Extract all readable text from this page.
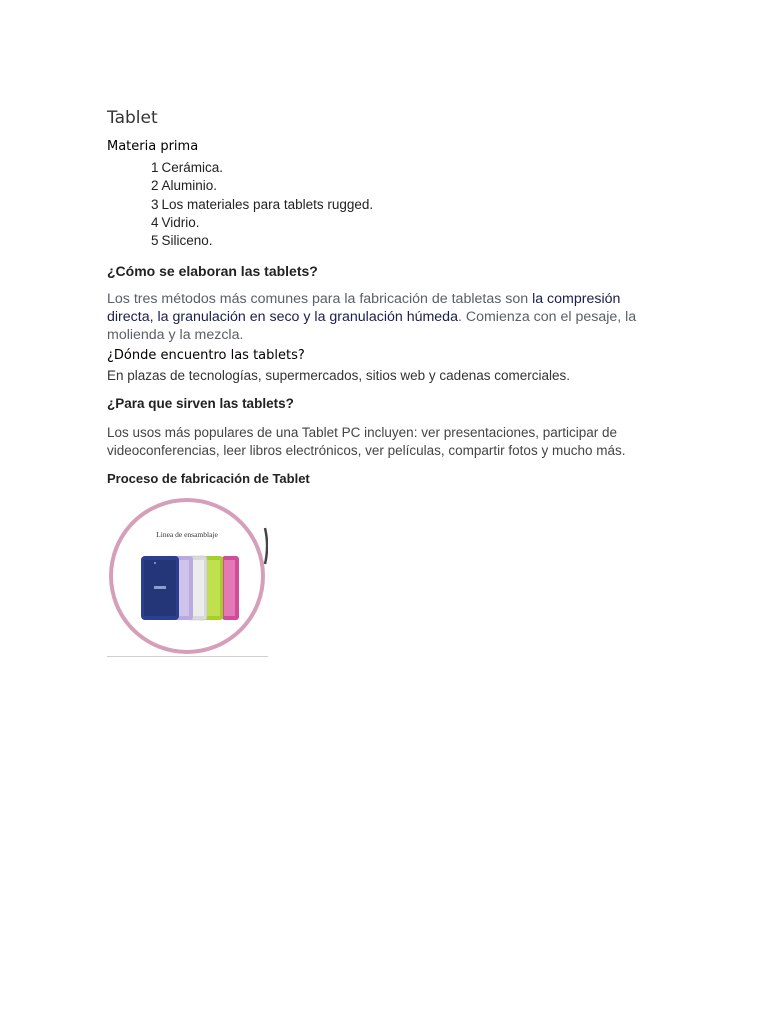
Tablet
Materia prima
1 Cerámica.
2 Aluminio.
3 Los materiales para tablets rugged.
4 Vidrio.
5 Siliceno.
¿Cómo se elaboran las tablets?

Los tres métodos más comunes para la fabricación de tabletas son la compresión directa, la granulación en seco y la granulación húmeda. Comienza con el pesaje, la molienda y la mezcla.

¿Dónde encuentro las tablets?

En plazas de tecnologías, supermercados, sitios web y cadenas comerciales.

¿Para que sirven las tablets?

Los usos más populares de una Tablet PC incluyen: ver presentaciones, participar de videoconferencias, leer libros electrónicos, ver películas, compartir fotos y mucho más.

Proceso de fabricación de Tablet
Linea de ensamblaje
